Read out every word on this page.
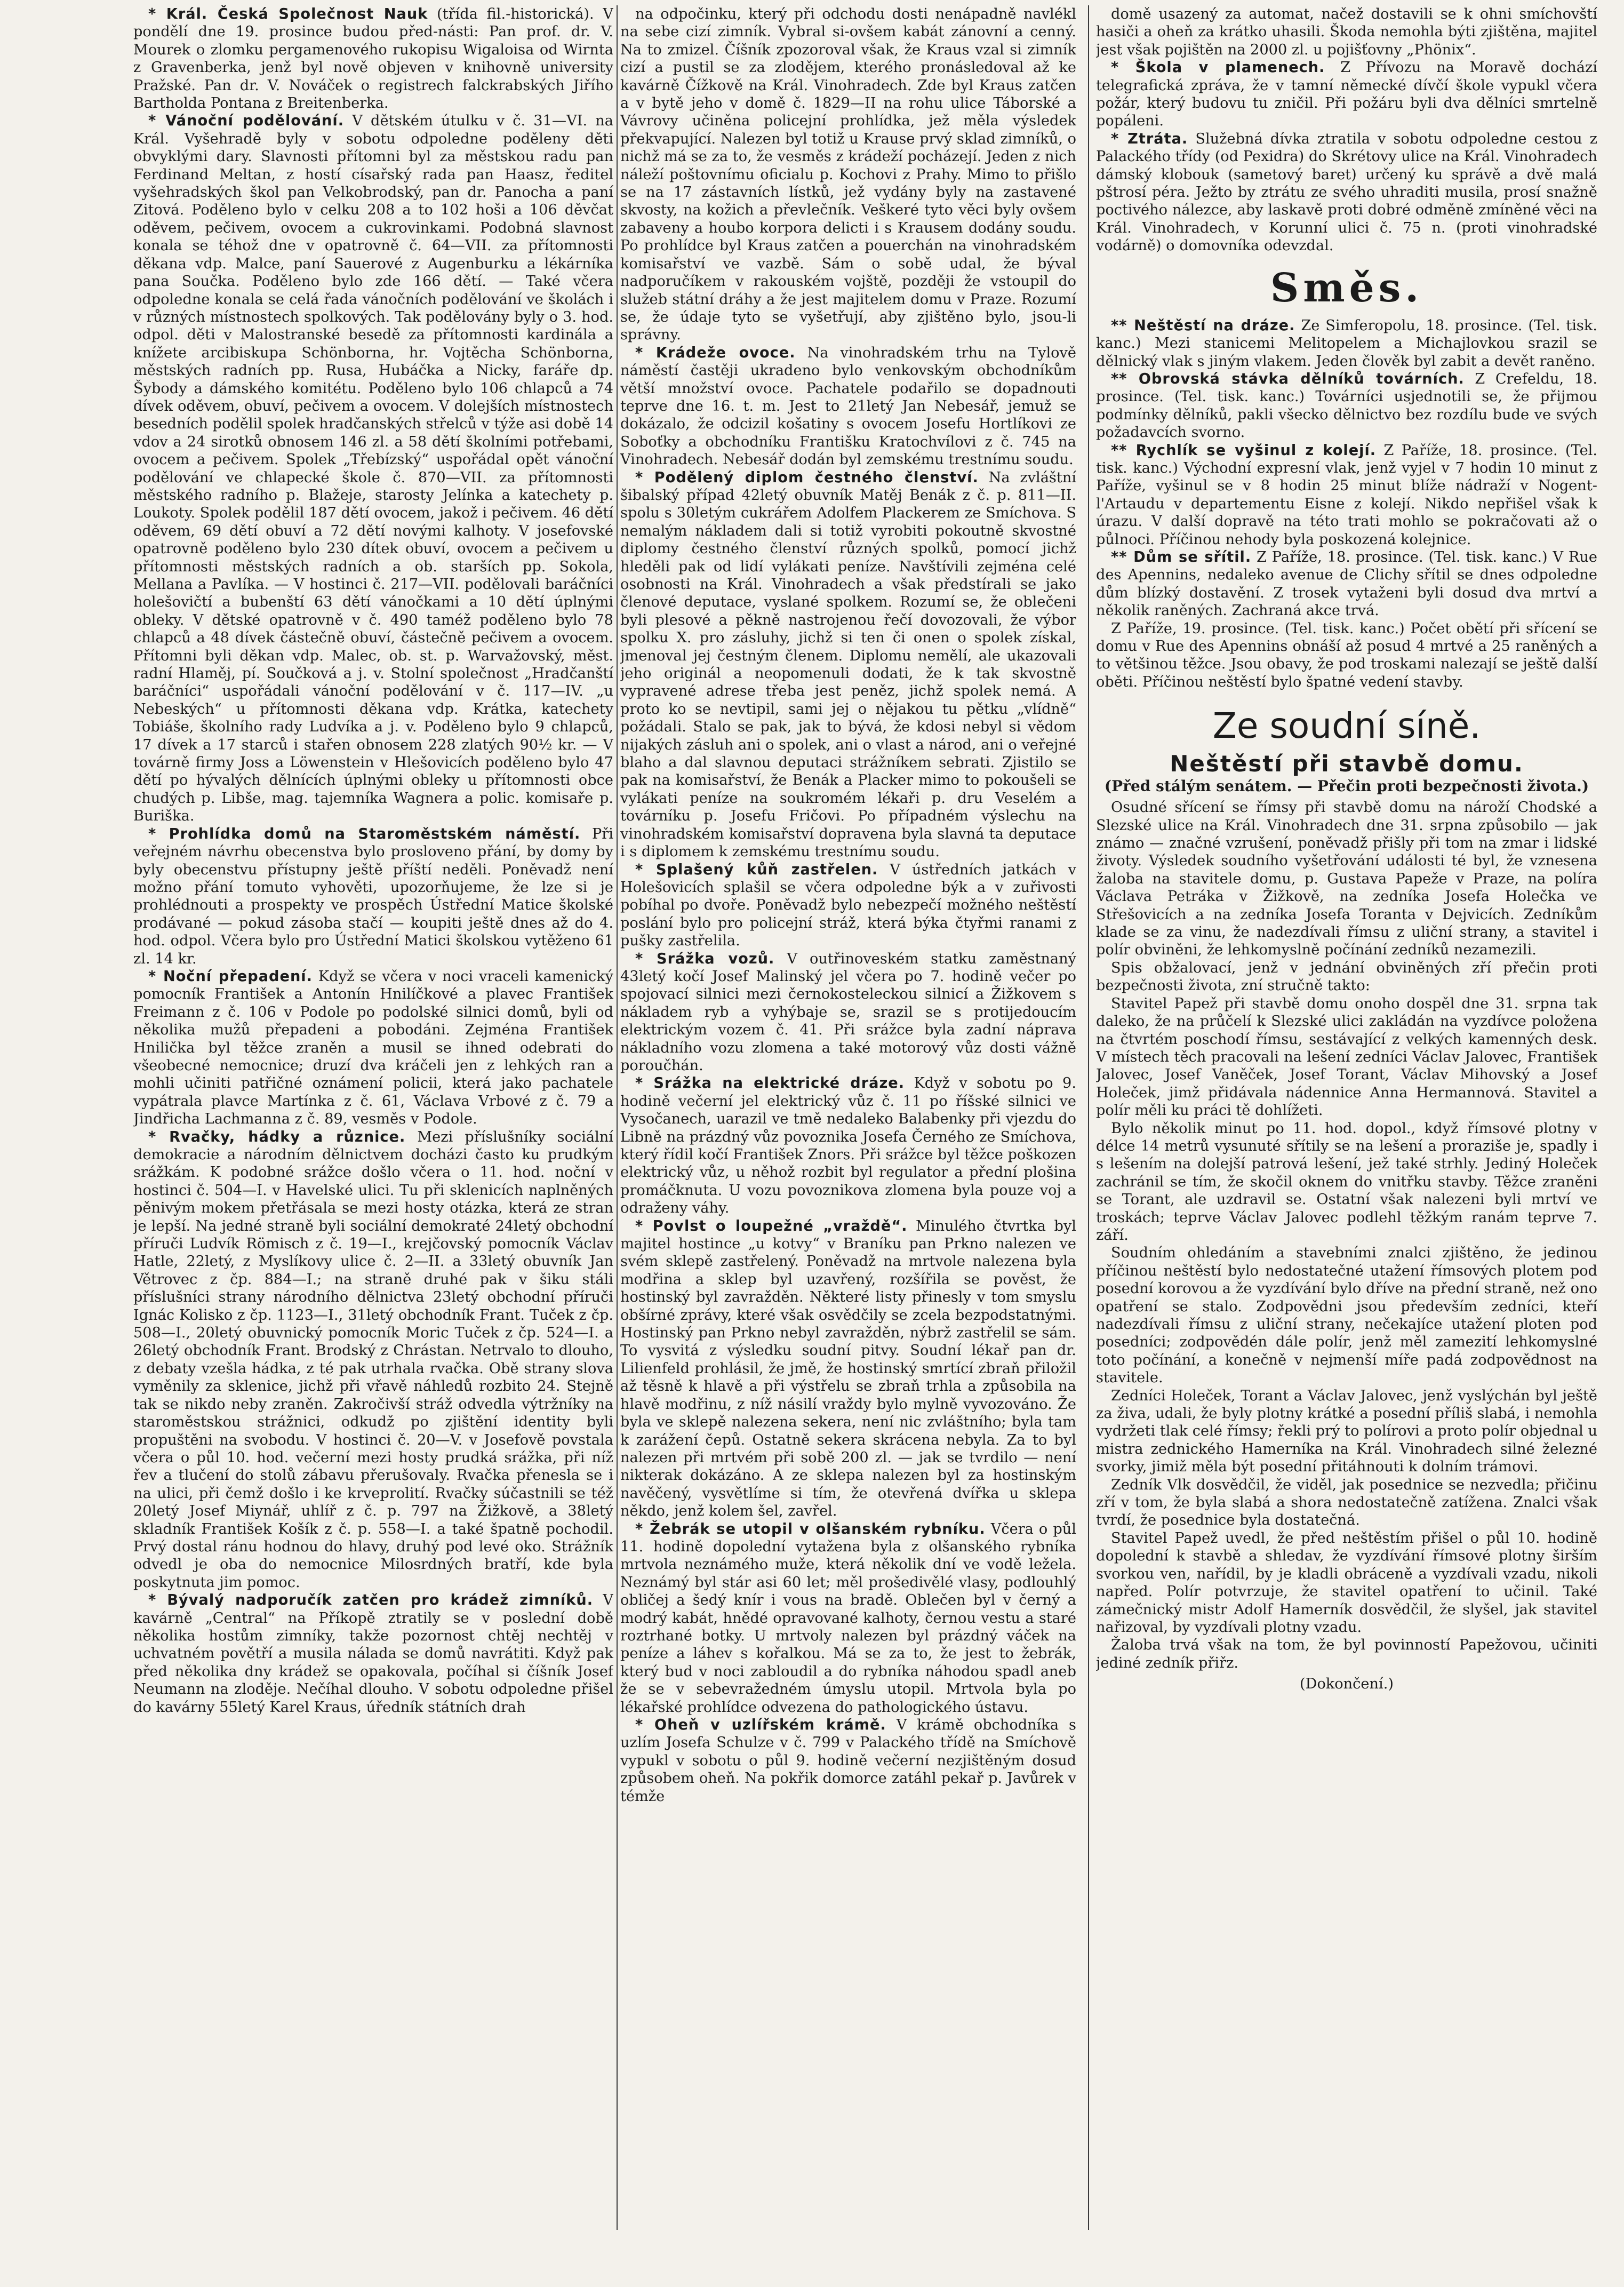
* Král. Česká Společnost Nauk (třída fil.-historická). V pondělí dne 19. prosince budou před-násti: Pan prof. dr. V. Mourek o zlomku pergamenového rukopisu Wigaloisa od Wirnta z Gravenberka, jenž byl nově objeven v knihovně university Pražské. Pan dr. V. Nováček o registrech falckrabských Jiřího Bartholda Pontana z Breitenberka.

* Vánoční podělování. V dětském útulku v č. 31—VI. na Král. Vyšehradě byly v sobotu odpoledne poděleny děti obvyklými dary. Slavnosti přítomni byl za městskou radu pan Ferdinand Meltan, z hostí císařský rada pan Haasz, ředitel vyšehradských škol pan Velkobrodský, pan dr. Panocha a paní Zitová. Poděleno bylo v celku 208 a to 102 hoši a 106 děvčat oděvem, pečivem, ovocem a cukrovinkami. Podobná slavnost konala se téhož dne v opatrovně č. 64—VII. za přítomnosti děkana vdp. Malce, paní Sauerové z Augenburku a lékárníka pana Součka. Poděleno bylo zde 166 dětí. — Také včera odpoledne konala se celá řada vánočních podělování ve školách i v různých místnostech spolkových. Tak podělovány byly o 3. hod. odpol. děti v Malostranské besedě za přítomnosti kardinála a knížete arcibiskupa Schönborna, hr. Vojtěcha Schönborna, městských radních pp. Rusa, Hubáčka a Nicky, faráře dp. Šybody a dámského komitétu. Poděleno bylo 106 chlapců a 74 dívek oděvem, obuví, pečivem a ovocem. V dolejších místnostech besedních podělil spolek hradčanských střelců v týže asi době 14 vdov a 24 sirotků obnosem 146 zl. a 58 dětí školními potřebami, ovocem a pečivem. Spolek „Třebízský“ uspořádal opět vánoční podělování ve chlapecké škole č. 870—VII. za přítomnosti městského radního p. Blažeje, starosty Jelínka a katechety p. Loukoty. Spolek podělil 187 dětí ovocem, jakož i pečivem. 46 dětí oděvem, 69 dětí obuví a 72 dětí novými kalhoty. V josefovské opatrovně poděleno bylo 230 dítek obuví, ovocem a pečivem u přítomnosti městských radních a ob. starších pp. Sokola, Mellana a Pavlíka. — V hostinci č. 217—VII. podělovali baráčníci holešovičtí a bubenští 63 dětí vánočkami a 10 dětí úplnými obleky. V dětské opatrovně v č. 490 taméž poděleno bylo 78 chlapců a 48 dívek částečně obuví, částečně pečivem a ovocem. Přítomni byli děkan vdp. Malec, ob. st. p. Warvažovský, měst. radní Hlaměj, pí. Součková a j. v. Stolní společnost „Hradčanští baráčníci“ uspořádali vánoční podělování v č. 117—IV. „u Nebeských“ u přítomnosti děkana vdp. Krátka, katechety Tobiáše, školního rady Ludvíka a j. v. Poděleno bylo 9 chlapců, 17 dívek a 17 starců i stařen obnosem 228 zlatých 90½ kr. — V továrně firmy Joss a Löwenstein v Hlešovicích poděleno bylo 47 dětí po hývalých dělnících úplnými obleky u přítomnosti obce chudých p. Libše, mag. tajemníka Wagnera a polic. komisaře p. Buriška.

* Prohlídka domů na Staroměstském náměstí. Při veřejném návrhu obecenstva bylo prosloveno přání, by domy by byly obecenstvu přístupny ještě příští neděli. Poněvadž není možno přání tomuto vyhověti, upozorňujeme, že lze si je prohlédnouti a prospekty ve prospěch Ústřední Matice školské prodávané — pokud zásoba stačí — koupiti ještě dnes až do 4. hod. odpol. Včera bylo pro Ústřední Matici školskou vytěženo 61 zl. 14 kr.

* Noční přepadení. Když se včera v noci vraceli kamenický pomocník František a Antonín Hnilíčkové a plavec František Freimann z č. 106 v Podole po podolské silnici domů, byli od několika mužů přepadeni a pobodáni. Zejména František Hnilička byl těžce zraněn a musil se ihned odebrati do všeobecné nemocnice; druzí dva kráčeli jen z lehkých ran a mohli učiniti patřičné oznámení policii, která jako pachatele vypátrala plavce Martínka z č. 61, Václava Vrbové z č. 79 a Jindřicha Lachmanna z č. 89, vesměs v Podole.

* Rvačky, hádky a různice. Mezi příslušníky sociální demokracie a národním dělnictvem docházi často ku prudkým srážkám. K podobné srážce došlo včera o 11. hod. noční v hostinci č. 504—I. v Havelské ulici. Tu při sklenicích naplněných pěnivým mokem přetřásala se mezi hosty otázka, která ze stran je lepší. Na jedné straně byli sociální demokraté 24letý obchodní příruči Ludvík Römisch z č. 19—I., krejčovský pomocník Václav Hatle, 22letý, z Myslíkovy ulice č. 2—II. a 33letý obuvník Jan Větrovec z čp. 884—I.; na straně druhé pak v šiku stáli příslušníci strany národního dělnictva 23letý obchodní příruči Ignác Kolisko z čp. 1123—I., 31letý obchodník Frant. Tuček z čp. 508—I., 20letý obuvnický pomocník Moric Tuček z čp. 524—I. a 26letý obchodník Frant. Brodský z Chrástan. Netrvalo to dlouho, z debaty vzešla hádka, z té pak utrhala rvačka. Obě strany slova vyměnily za sklenice, jichž při vřavě náhledů rozbito 24. Stejně tak se nikdo neby zraněn. Zakročivší stráž odvedla výtržníky na staroměstskou strážnici, odkudž po zjištění identity byli propuštěni na svobodu. V hostinci č. 20—V. v Josefově povstala včera o půl 10. hod. večerní mezi hosty prudká srážka, při níž řev a tlučení do stolů zábavu přerušovaly. Rvačka přenesla se i na ulici, při čemž došlo i ke krveprolití. Rvačky súčastnili se též 20letý Josef Miynář, uhlíř z č. p. 797 na Žižkově, a 38letý skladník František Košík z č. p. 558—I. a také špatně pochodil. Prvý dostal ránu hodnou do hlavy, druhý pod levé oko. Strážník odvedl je oba do nemocnice Milosrdných bratří, kde byla poskytnuta jim pomoc.

* Bývalý nadporučík zatčen pro krádež zimníků. V kavárně „Central“ na Příkopě ztratily se v poslední době několika hostům zimníky, takže pozornost chtěj nechtěj v uchvatném povětří a musila nálada se domů navrátiti. Když pak před několika dny krádež se opakovala, počíhal si číšník Josef Neumann na zloděje. Nečíhal dlouho. V sobotu odpoledne přišel do kavárny 55letý Karel Kraus, úředník státních drah

na odpočinku, který při odchodu dosti nenápadně navlékl na sebe cizí zimník. Vybral si-ovšem kabát zánovní a cenný. Na to zmizel. Číšník zpozoroval však, že Kraus vzal si zimník cizí a pustil se za zlodějem, kterého pronásledoval až ke kavárně Čížkově na Král. Vinohradech. Zde byl Kraus zatčen a v bytě jeho v domě č. 1829—II na rohu ulice Táborské a Vávrovy učiněna policejní prohlídka, jež měla výsledek překvapující. Nalezen byl totiž u Krause prvý sklad zimníků, o nichž má se za to, že vesměs z krádeží pocházejí. Jeden z nich náleží poštovnímu oficialu p. Kochovi z Prahy. Mimo to přišlo se na 17 zástavních lístků, jež vydány byly na zastavené skvosty, na kožich a převlečník. Veškeré tyto věci byly ovšem zabaveny a houbo korpora delicti i s Krausem dodány soudu. Po prohlídce byl Kraus zatčen a pouerchán na vinohradském komisařství ve vazbě. Sám o sobě udal, že býval nadporučíkem v rakouském vojště, později že vstoupil do služeb státní dráhy a že jest majitelem domu v Praze. Rozumí se, že údaje tyto se vyšetřují, aby zjištěno bylo, jsou-li správny.

* Krádeže ovoce. Na vinohradském trhu na Tylově náměstí častěji ukradeno bylo venkovským obchodníkům větší množství ovoce. Pachatele podařilo se dopadnouti teprve dne 16. t. m. Jest to 21letý Jan Nebesář, jemuž se dokázalo, že odcizil košatiny s ovocem Josefu Hortlíkovi ze Soboťky a obchodníku Františku Kratochvílovi z č. 745 na Vinohradech. Nebesář dodán byl zemskému trestnímu soudu.

* Podělený diplom čestného členství. Na zvláštní šibalský případ 42letý obuvník Matěj Benák z č. p. 811—II. spolu s 30letým cukrářem Adolfem Plackerem ze Smíchova. S nemalým nákladem dali si totiž vyrobiti pokoutně skvostné diplomy čestného členství různých spolků, pomocí jichž hleděli pak od lidí vylákati peníze. Navštívili zejména celé osobnosti na Král. Vinohradech a však předstírali se jako členové deputace, vyslané spolkem. Rozumí se, že oblečeni byli plesové a pěkně nastrojenou řečí dovozovali, že výbor spolku X. pro zásluhy, jichž si ten či onen o spolek získal, jmenoval jej čestným členem. Diplomu nemělí, ale ukazovali jeho originál a neopomenuli dodati, že k tak skvostně vypravené adrese třeba jest peněz, jichž spolek nemá. A proto ko se nevtipil, sami jej o nějakou tu pětku „vlídně“ požádali. Stalo se pak, jak to bývá, že kdosi nebyl si vědom nijakých zásluh ani o spolek, ani o vlast a národ, ani o veřejné blaho a dal slavnou deputaci strážníkem sebrati. Zjistilo se pak na komisařství, že Benák a Placker mimo to pokoušeli se vylákati peníze na soukromém lékaři p. dru Veselém a továrníku p. Josefu Fričovi. Po případném výslechu na vinohradském komisařství dopravena byla slavná ta deputace i s diplomem k zemskému trestnímu soudu.

* Splašený kůň zastřelen. V ústředních jatkách v Holešovicích splašil se včera odpoledne býk a v zuřivosti pobíhal po dvoře. Poněvadž bylo nebezpečí možného neštěstí poslání bylo pro policejní stráž, která býka čtyřmi ranami z pušky zastřelila.

* Srážka vozů. V outřinoveském statku zaměstnaný 43letý kočí Josef Malinský jel včera po 7. hodině večer po spojovací silnici mezi černokosteleckou silnicí a Žižkovem s nákladem ryb a vyhýbaje se, srazil se s protijedoucím elektrickým vozem č. 41. Při srážce byla zadní náprava nákladního vozu zlomena a také motorový vůz dosti vážně poroučhán.

* Srážka na elektrické dráze. Když v sobotu po 9. hodině večerní jel elektrický vůz č. 11 po říšské silnici ve Vysočanech, uarazil ve tmě nedaleko Balabenky při vjezdu do Libně na prázdný vůz povoznika Josefa Černého ze Smíchova, který řídil kočí František Znors. Při srážce byl těžce poškozen elektrický vůz, u něhož rozbit byl regulator a přední plošina promáčknuta. U vozu povoznikova zlomena byla pouze voj a odraženy váhy.

* Povlst o loupežné „vraždě“. Minulého čtvrtka byl majitel hostince „u kotvy“ v Braníku pan Prkno nalezen ve svém sklepě zastřelený. Poněvadž na mrtvole nalezena byla modřina a sklep byl uzavřený, rozšířila se pověst, že hostinský byl zavražděn. Některé listy přinesly v tom smyslu obšírné zprávy, které však osvědčily se zcela bezpodstatnými. Hostinský pan Prkno nebyl zavražděn, nýbrž zastřelil se sám. To vysvitá z výsledku soudní pitvy. Soudní lékař pan dr. Lilienfeld prohlásil, že jmě, že hostinský smrtící zbraň přiložil až těsně k hlavě a při výstřelu se zbraň trhla a způsobila na hlavě modřinu, z níž násilí vraždy bylo mylně vyvozováno. Že byla ve sklepě nalezena sekera, není nic zvláštního; byla tam k zarážení čepů. Ostatně sekera skrácena nebyla. Za to byl nalezen při mrtvém při sobě 200 zl. — jak se tvrdilo — není nikterak dokázáno. A ze sklepa nalezen byl za hostinským navěčený, vysvětlíme si tím, že otevřená dvířka u sklepa někdo, jenž kolem šel, zavřel.

* Žebrák se utopil v olšanském rybníku. Včera o půl 11. hodině dopolední vytažena byla z olšanského rybníka mrtvola neznámého muže, která několik dní ve vodě ležela. Neznámý byl stár asi 60 let; měl prošedivělé vlasy, podlouhlý obličej a šedý knír i vous na bradě. Oblečen byl v černý a modrý kabát, hnědé opravované kalhoty, černou vestu a staré roztrhané botky. U mrtvoly nalezen byl prázdný váček na peníze a láhev s kořalkou. Má se za to, že jest to žebrák, který bud v noci zabloudil a do rybníka náhodou spadl aneb že se v sebevražedném úmyslu utopil. Mrtvola byla po lékařské prohlídce odvezena do pathologického ústavu.

* Oheň v uzlířském krámě. V krámě obchodníka s uzlím Josefa Schulze v č. 799 v Palackého třídě na Smíchově vypukl v sobotu o půl 9. hodině večerní nezjištěným dosud způsobem oheň. Na pokřik domorce zatáhl pekař p. Javůrek v témže

domě usazený za automat, načež dostavili se k ohni smíchovští hasiči a oheň za krátko uhasili. Škoda nemohla býti zjištěna, majitel jest však pojištěn na 2000 zl. u pojišťovny „Phönix“.

* Škola v plamenech. Z Přívozu na Moravě dochází telegrafická zpráva, že v tamní německé dívčí škole vypukl včera požár, který budovu tu zničil. Při požáru byli dva dělníci smrtelně popáleni.

* Ztráta. Služebná dívka ztratila v sobotu odpoledne cestou z Palackého třídy (od Pexidra) do Skrétovy ulice na Král. Vinohradech dámský klobouk (sametový baret) určený ku správě a dvě malá pštrosí péra. Ježto by ztrátu ze svého uhraditi musila, prosí snažně poctivého nálezce, aby laskavě proti dobré odměně zmíněné věci na Král. Vinohradech, v Korunní ulici č. 75 n. (proti vinohradské vodárně) o domovníka odevzdal.

Směs.

** Neštěstí na dráze. Ze Simferopolu, 18. prosince. (Tel. tisk. kanc.) Mezi stanicemi Melitopelem a Michajlovkou srazil se dělnický vlak s jiným vlakem. Jeden člověk byl zabit a devět raněno.

** Obrovská stávka dělníků továrních. Z Crefeldu, 18. prosince. (Tel. tisk. kanc.) Továrníci usjednotili se, že přijmou podmínky dělníků, pakli všecko dělnictvo bez rozdílu bude ve svých požadavcích svorno.

** Rychlík se vyšinul z kolejí. Z Paříže, 18. prosince. (Tel. tisk. kanc.) Východní expresní vlak, jenž vyjel v 7 hodin 10 minut z Paříže, vyšinul se v 8 hodin 25 minut blíže nádraží v Nogent-l'Artaudu v departementu Eisne z kolejí. Nikdo nepřišel však k úrazu. V další dopravě na této trati mohlo se pokračovati až o půlnoci. Příčinou nehody byla poskozená kolejnice.

** Dům se sřítil. Z Paříže, 18. prosince. (Tel. tisk. kanc.) V Rue des Apennins, nedaleko avenue de Clichy sřítil se dnes odpoledne dům blízký dostavění. Z trosek vytaženi byli dosud dva mrtví a několik raněných. Zachraná akce trvá.

Z Paříže, 19. prosince. (Tel. tisk. kanc.) Počet obětí při sřícení se domu v Rue des Apennins obnáší až posud 4 mrtvé a 25 raněných a to většinou těžce. Jsou obavy, že pod troskami nalezají se ještě další oběti. Příčinou neštěstí bylo špatné vedení stavby.

Ze soudní síně.
Neštěstí při stavbě domu.
(Před stálým senátem. — Přečin proti bezpečnosti života.)

Osudné sřícení se římsy při stavbě domu na nároží Chodské a Slezské ulice na Král. Vinohradech dne 31. srpna způsobilo — jak známo — značné vzrušení, poněvadž přišly při tom na zmar i lidské životy. Výsledek soudního vyšetřování události té byl, že vznesena žaloba na stavitele domu, p. Gustava Papeže v Praze, na políra Václava Petráka v Žižkově, na zedníka Josefa Holečka ve Střešovicích a na zedníka Josefa Toranta v Dejvicích. Zedníkům klade se za vinu, že nadezdívali římsu z uliční strany, a stavitel i polír obviněni, že lehkomyslně počínání zedníků nezamezili.

Spis obžalovací, jenž v jednání obviněných zří přečin proti bezpečnosti života, zní stručně takto:

Stavitel Papež při stavbě domu onoho dospěl dne 31. srpna tak daleko, že na průčelí k Slezské ulici zakládán na vyzdívce položena na čtvrtém poschodí římsu, sestávající z velkých kamenných desk. V místech těch pracovali na lešení zedníci Václav Jalovec, František Jalovec, Josef Vaněček, Josef Torant, Václav Mihovský a Josef Holeček, jimž přidávala nádennice Anna Hermannová. Stavitel a polír měli ku práci tě dohlížeti.

Bylo několik minut po 11. hod. dopol., když římsové plotny v délce 14 metrů vysunuté sřítily se na lešení a proraziše je, spadly i s lešením na dolejší patrová lešení, jež také strhly. Jediný Holeček zachránil se tím, že skočil oknem do vnitřku stavby. Těžce zraněni se Torant, ale uzdravil se. Ostatní však nalezeni byli mrtví ve troskách; teprve Václav Jalovec podlehl těžkým ranám teprve 7. září.

Soudním ohledáním a stavebními znalci zjištěno, že jedinou příčinou neštěstí bylo nedostatečné utažení římsových plotem pod posední korovou a že vyzdívání bylo dříve na přední straně, než ono opatření se stalo. Zodpovědni jsou především zedníci, kteří nadezdívali římsu z uliční strany, nečekajíce utažení ploten pod posedníci; zodpovědén dále polír, jenž měl zamezití lehkomyslné toto počínání, a konečně v nejmenší míře padá zodpovědnost na stavitele.

Zedníci Holeček, Torant a Václav Jalovec, jenž vyslýchán byl ještě za živa, udali, že byly plotny krátké a posední příliš slabá, i nemohla vydržeti tlak celé římsy; řekli prý to polírovi a proto polír objednal u mistra zednického Hamerníka na Král. Vinohradech silné železné svorky, jimiž měla být posední přitáhnouti k dolním trámovi.

Zedník Vlk dosvědčil, že viděl, jak posednice se nezvedla; přičinu zří v tom, že byla slabá a shora nedostatečně zatížena. Znalci však tvrdí, že posednice byla dostatečná.

Stavitel Papež uvedl, že před neštěstím přišel o půl 10. hodině dopolední k stavbě a shledav, že vyzdívání římsové plotny širším svorkou ven, nařídil, by je kladli obráceně a vyzdívali vzadu, nikoli napřed. Polír potvrzuje, že stavitel opatření to učinil. Také zámečnický mistr Adolf Hamerník dosvědčil, že slyšel, jak stavitel nařizoval, by vyzdívali plotny vzadu.

Žaloba trvá však na tom, že byl povinností Papežovou, učiniti jediné zedník přiřz.

(Dokončení.)
